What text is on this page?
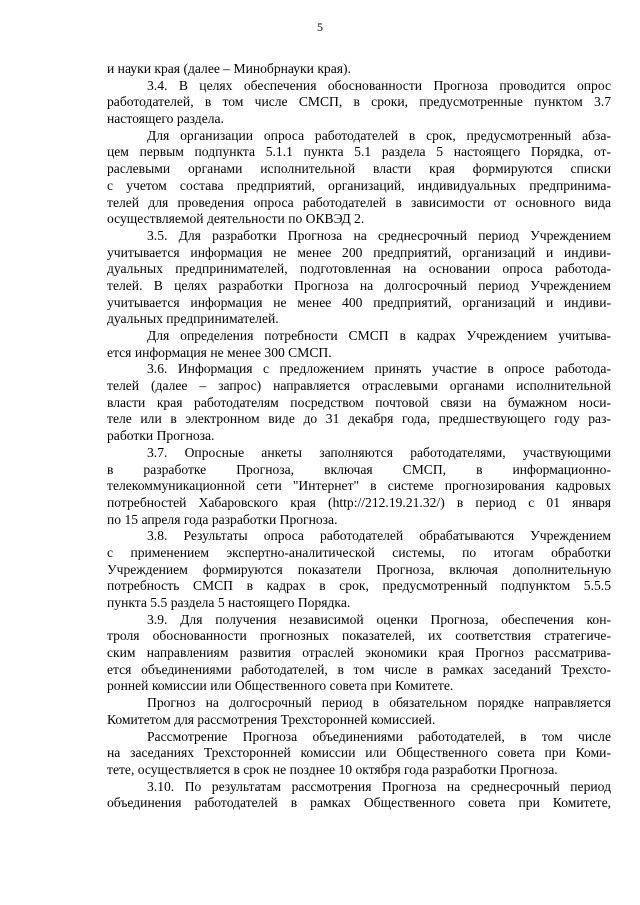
5
и науки края (далее – Минобрнауки края).
3.4. В целях обеспечения обоснованности Прогноза проводится опрос
работодателей, в том числе СМСП, в сроки, предусмотренные пунктом 3.7
настоящего раздела.
Для организации опроса работодателей в срок, предусмотренный абза-
цем первым подпункта 5.1.1 пункта 5.1 раздела 5 настоящего Порядка, от-
раслевыми органами исполнительной власти края формируются списки
с учетом состава предприятий, организаций, индивидуальных предпринима-
телей для проведения опроса работодателей в зависимости от основного вида
осуществляемой деятельности по ОКВЭД 2.
3.5. Для разработки Прогноза на среднесрочный период Учреждением
учитывается информация не менее 200 предприятий, организаций и индиви-
дуальных предпринимателей, подготовленная на основании опроса работода-
телей. В целях разработки Прогноза на долгосрочный период Учреждением
учитывается информация не менее 400 предприятий, организаций и индиви-
дуальных предпринимателей.
Для определения потребности СМСП в кадрах Учреждением учитыва-
ется информация не менее 300 СМСП.
3.6. Информация с предложением принять участие в опросе работода-
телей (далее – запрос) направляется отраслевыми органами исполнительной
власти края работодателям посредством почтовой связи на бумажном носи-
теле или в электронном виде до 31 декабря года, предшествующего году раз-
работки Прогноза.
3.7. Опросные анкеты заполняются работодателями, участвующими
в разработке Прогноза, включая СМСП, в информационно-
телекоммуникационной сети "Интернет" в системе прогнозирования кадровых
потребностей Хабаровского края (http://212.19.21.32/) в период с 01 января
по 15 апреля года разработки Прогноза.
3.8. Результаты опроса работодателей обрабатываются Учреждением
с применением экспертно-аналитической системы, по итогам обработки
Учреждением формируются показатели Прогноза, включая дополнительную
потребность СМСП в кадрах в срок, предусмотренный подпунктом 5.5.5
пункта 5.5 раздела 5 настоящего Порядка.
3.9. Для получения независимой оценки Прогноза, обеспечения кон-
троля обоснованности прогнозных показателей, их соответствия стратегиче-
ским направлениям развития отраслей экономики края Прогноз рассматрива-
ется объединениями работодателей, в том числе в рамках заседаний Трехсто-
ронней комиссии или Общественного совета при Комитете.
Прогноз на долгосрочный период в обязательном порядке направляется
Комитетом для рассмотрения Трехсторонней комиссией.
Рассмотрение Прогноза объединениями работодателей, в том числе
на заседаниях Трехсторонней комиссии или Общественного совета при Коми-
тете, осуществляется в срок не позднее 10 октября года разработки Прогноза.
3.10. По результатам рассмотрения Прогноза на среднесрочный период
объединения работодателей в рамках Общественного совета при Комитете,
